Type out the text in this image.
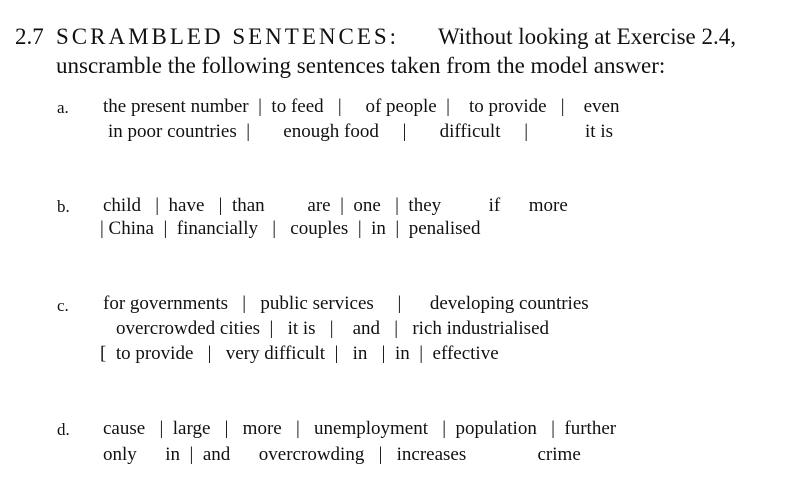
2.7 SCRAMBLED SENTENCES: Without looking at Exercise 2.4,
unscramble the following sentences taken from the model answer:
a. the present number  |  to feed   |     of people  |    to provide   |    even
in poor countries  |       enough food     |       difficult     |            it is
b. child   |  have   |  than         are  |  one   |  they          if      more
| China  |  financially   |   couples  |  in  |  penalised
c. for governments   |   public services     |      developing countries
overcrowded cities  |   it is   |    and   |   rich industrialised
[  to provide   |   very difficult  |   in   |  in  |  effective
d. cause   |  large   |   more   |   unemployment   |  population   |  further
only      in  |  and      overcrowding   |   increases               crime
